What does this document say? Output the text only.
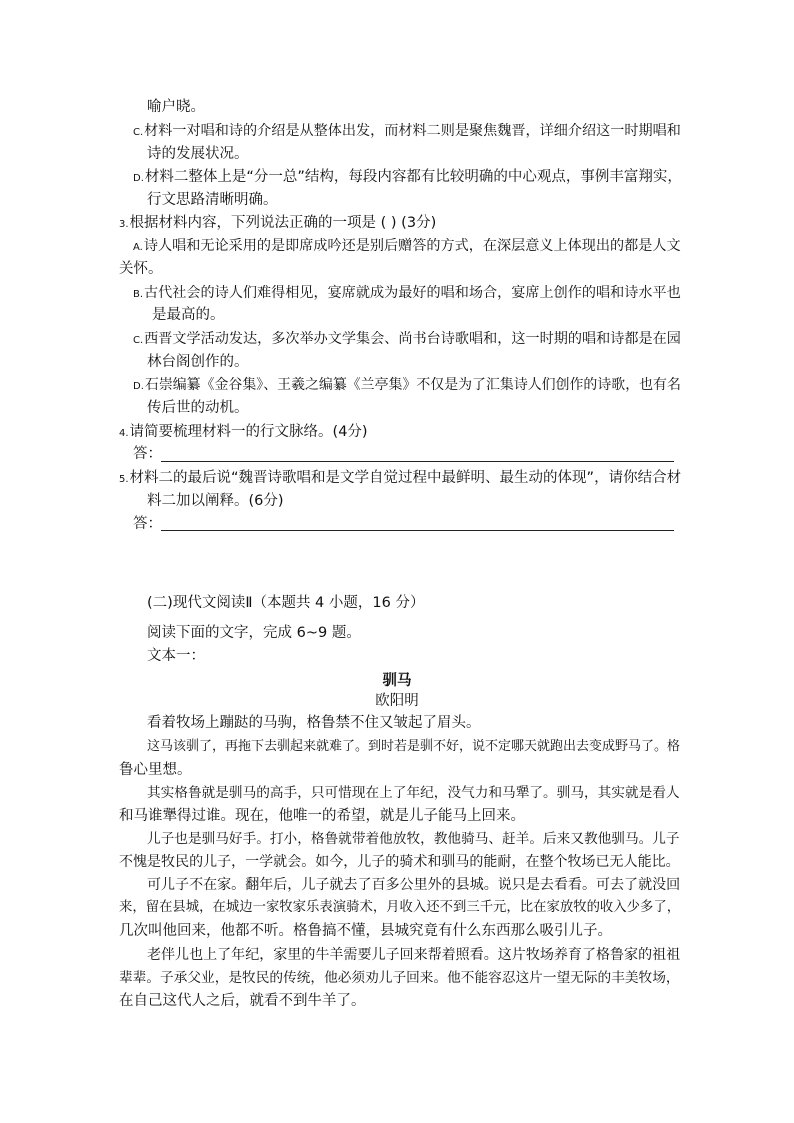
喻户晓。
C.材料一对唱和诗的介绍是从整体出发，而材料二则是聚焦魏晋，详细介绍这一时期唱和
诗的发展状况。
D.材料二整体上是“分一总”结构，每段内容都有比较明确的中心观点，事例丰富翔实，
行文思路清晰明确。
3.根据材料内容，下列说法正确的一项是 ( ) (3分)
A.诗人唱和无论采用的是即席成吟还是别后赠答的方式，在深层意义上体现出的都是人文
关怀。
B.古代社会的诗人们难得相见，宴席就成为最好的唱和场合，宴席上创作的唱和诗水平也
是最高的。
C.西晋文学活动发达，多次举办文学集会、尚书台诗歌唱和，这一时期的唱和诗都是在园
林台阁创作的。
D.石崇编纂《金谷集》、王羲之编纂《兰亭集》不仅是为了汇集诗人们创作的诗歌，也有名
传后世的动机。
4.请简要梳理材料一的行文脉络。(4分)
答：
5.材料二的最后说“魏晋诗歌唱和是文学自觉过程中最鲜明、最生动的体现”，请你结合材
料二加以阐释。(6分)
答：
(二)现代文阅读Ⅱ（本题共 4 小题，16 分）
阅读下面的文字，完成 6~9 题。
文本一：
驯马
欧阳明
看着牧场上蹦跶的马驹，格鲁禁不住又皱起了眉头。
这马该驯了，再拖下去驯起来就难了。到时若是驯不好，说不定哪天就跑出去变成野马了。格
鲁心里想。
其实格鲁就是驯马的高手，只可惜现在上了年纪，没气力和马犟了。驯马，其实就是看人
和马谁犟得过谁。现在，他唯一的希望，就是儿子能马上回来。
儿子也是驯马好手。打小，格鲁就带着他放牧，教他骑马、赶羊。后来又教他驯马。儿子
不愧是牧民的儿子，一学就会。如今，儿子的骑术和驯马的能耐，在整个牧场已无人能比。
可儿子不在家。翻年后，儿子就去了百多公里外的县城。说只是去看看。可去了就没回
来，留在县城，在城边一家牧家乐表演骑术，月收入还不到三千元，比在家放牧的收入少多了，
几次叫他回来，他都不听。格鲁搞不懂，县城究竟有什么东西那么吸引儿子。
老伴儿也上了年纪，家里的牛羊需要儿子回来帮着照看。这片牧场养育了格鲁家的祖祖
辈辈。子承父业，是牧民的传统，他必须劝儿子回来。他不能容忍这片一望无际的丰美牧场，
在自己这代人之后，就看不到牛羊了。
